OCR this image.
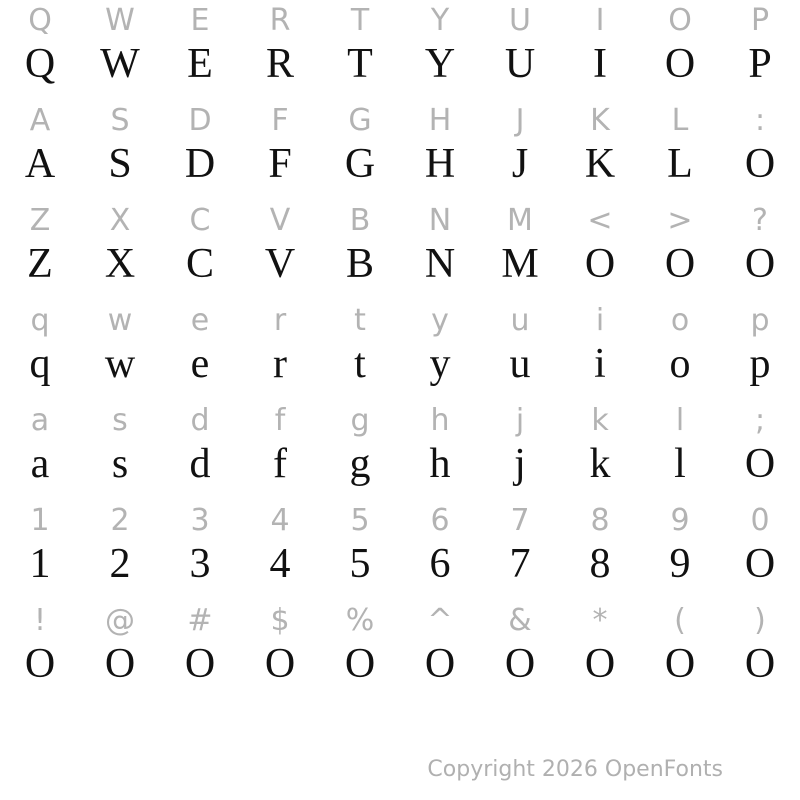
Q	W	E	R	T	Y	U	I	O	P
Q	W	E	R	T	Y	U	I	O	P
A	S	D	F	G	H	J	K	L	:
A	S	D	F	G	H	J	K	L	O
Z	X	C	V	B	N	M	<	>	?
Z	X	C	V	B	N	M	O	O	O
q	w	e	r	t	y	u	i	o	p
q	w	e	r	t	y	u	i	o	p
a	s	d	f	g	h	j	k	l	;
a	s	d	f	g	h	j	k	l	O
1	2	3	4	5	6	7	8	9	0
1	2	3	4	5	6	7	8	9	O
!	@	#	$	%	^	&	*	(	)
O	O	O	O	O	O	O	O	O	O
Copyright 2026 OpenFonts
